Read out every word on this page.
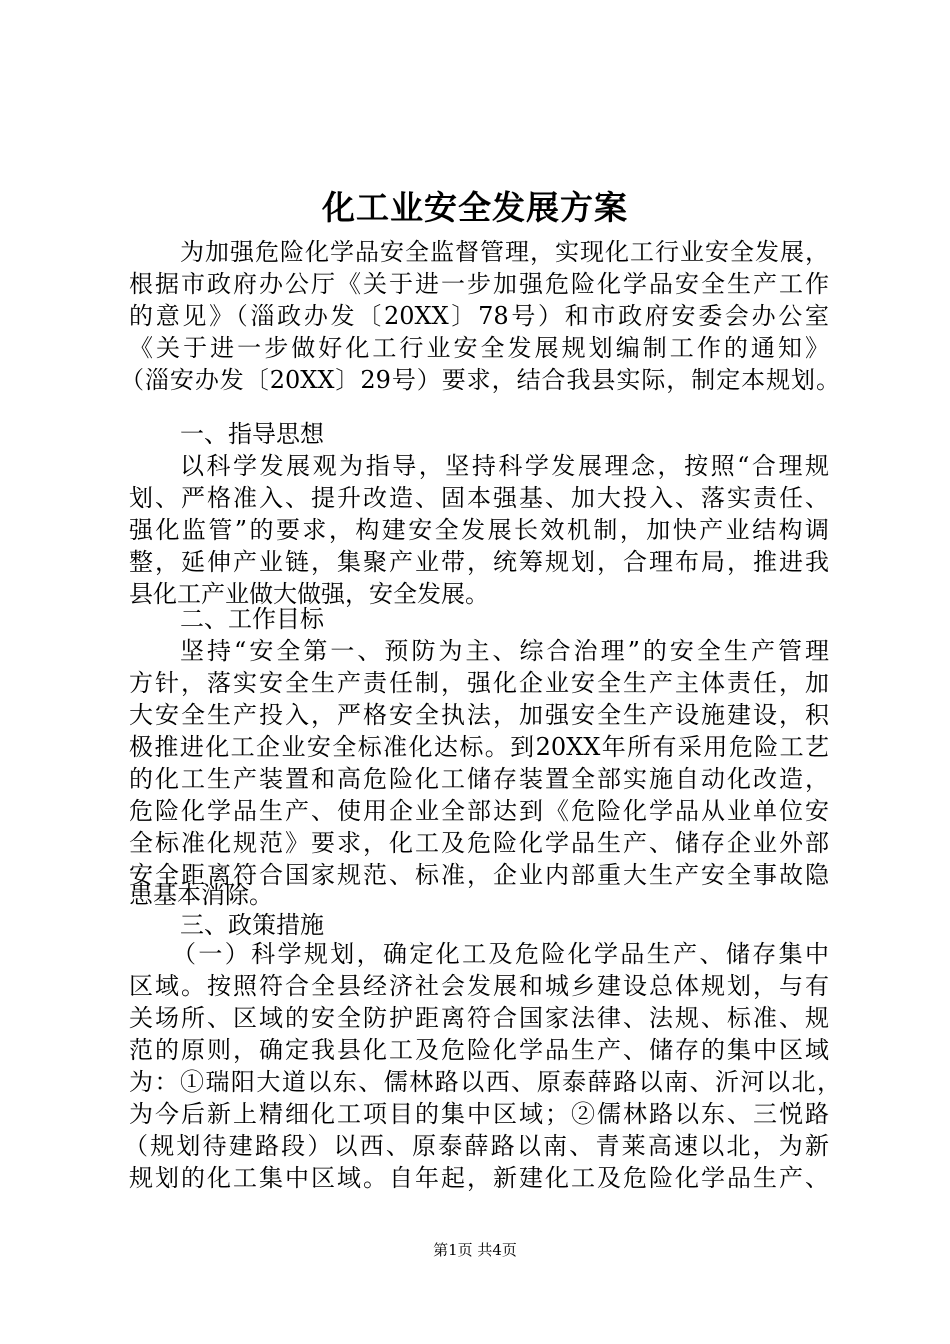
化工业安全发展方案
为加强危险化学品安全监督管理，实现化工行业安全发展，
根据市政府办公厅《关于进一步加强危险化学品安全生产工作
的意见》（淄政办发〔20XX〕78号）和市政府安委会办公室
《关于进一步做好化工行业安全发展规划编制工作的通知》
（淄安办发〔20XX〕29号）要求，结合我县实际，制定本规划。
一、指导思想
以科学发展观为指导，坚持科学发展理念，按照“合理规
划、严格准入、提升改造、固本强基、加大投入、落实责任、
强化监管”的要求，构建安全发展长效机制，加快产业结构调
整，延伸产业链，集聚产业带，统筹规划，合理布局，推进我
县化工产业做大做强，安全发展。
二、工作目标
坚持“安全第一、预防为主、综合治理”的安全生产管理
方针，落实安全生产责任制，强化企业安全生产主体责任，加
大安全生产投入，严格安全执法，加强安全生产设施建设，积
极推进化工企业安全标准化达标。到20XX年所有采用危险工艺
的化工生产装置和高危险化工储存装置全部实施自动化改造，
危险化学品生产、使用企业全部达到《危险化学品从业单位安
全标准化规范》要求，化工及危险化学品生产、储存企业外部
安全距离符合国家规范、标准，企业内部重大生产安全事故隐
患基本消除。
三、政策措施
（一）科学规划，确定化工及危险化学品生产、储存集中
区域。按照符合全县经济社会发展和城乡建设总体规划，与有
关场所、区域的安全防护距离符合国家法律、法规、标准、规
范的原则，确定我县化工及危险化学品生产、储存的集中区域
为：①瑞阳大道以东、儒林路以西、原泰薛路以南、沂河以北，
为今后新上精细化工项目的集中区域；②儒林路以东、三悦路
（规划待建路段）以西、原泰薛路以南、青莱高速以北，为新
规划的化工集中区域。自年起，新建化工及危险化学品生产、
第1页 共4页
